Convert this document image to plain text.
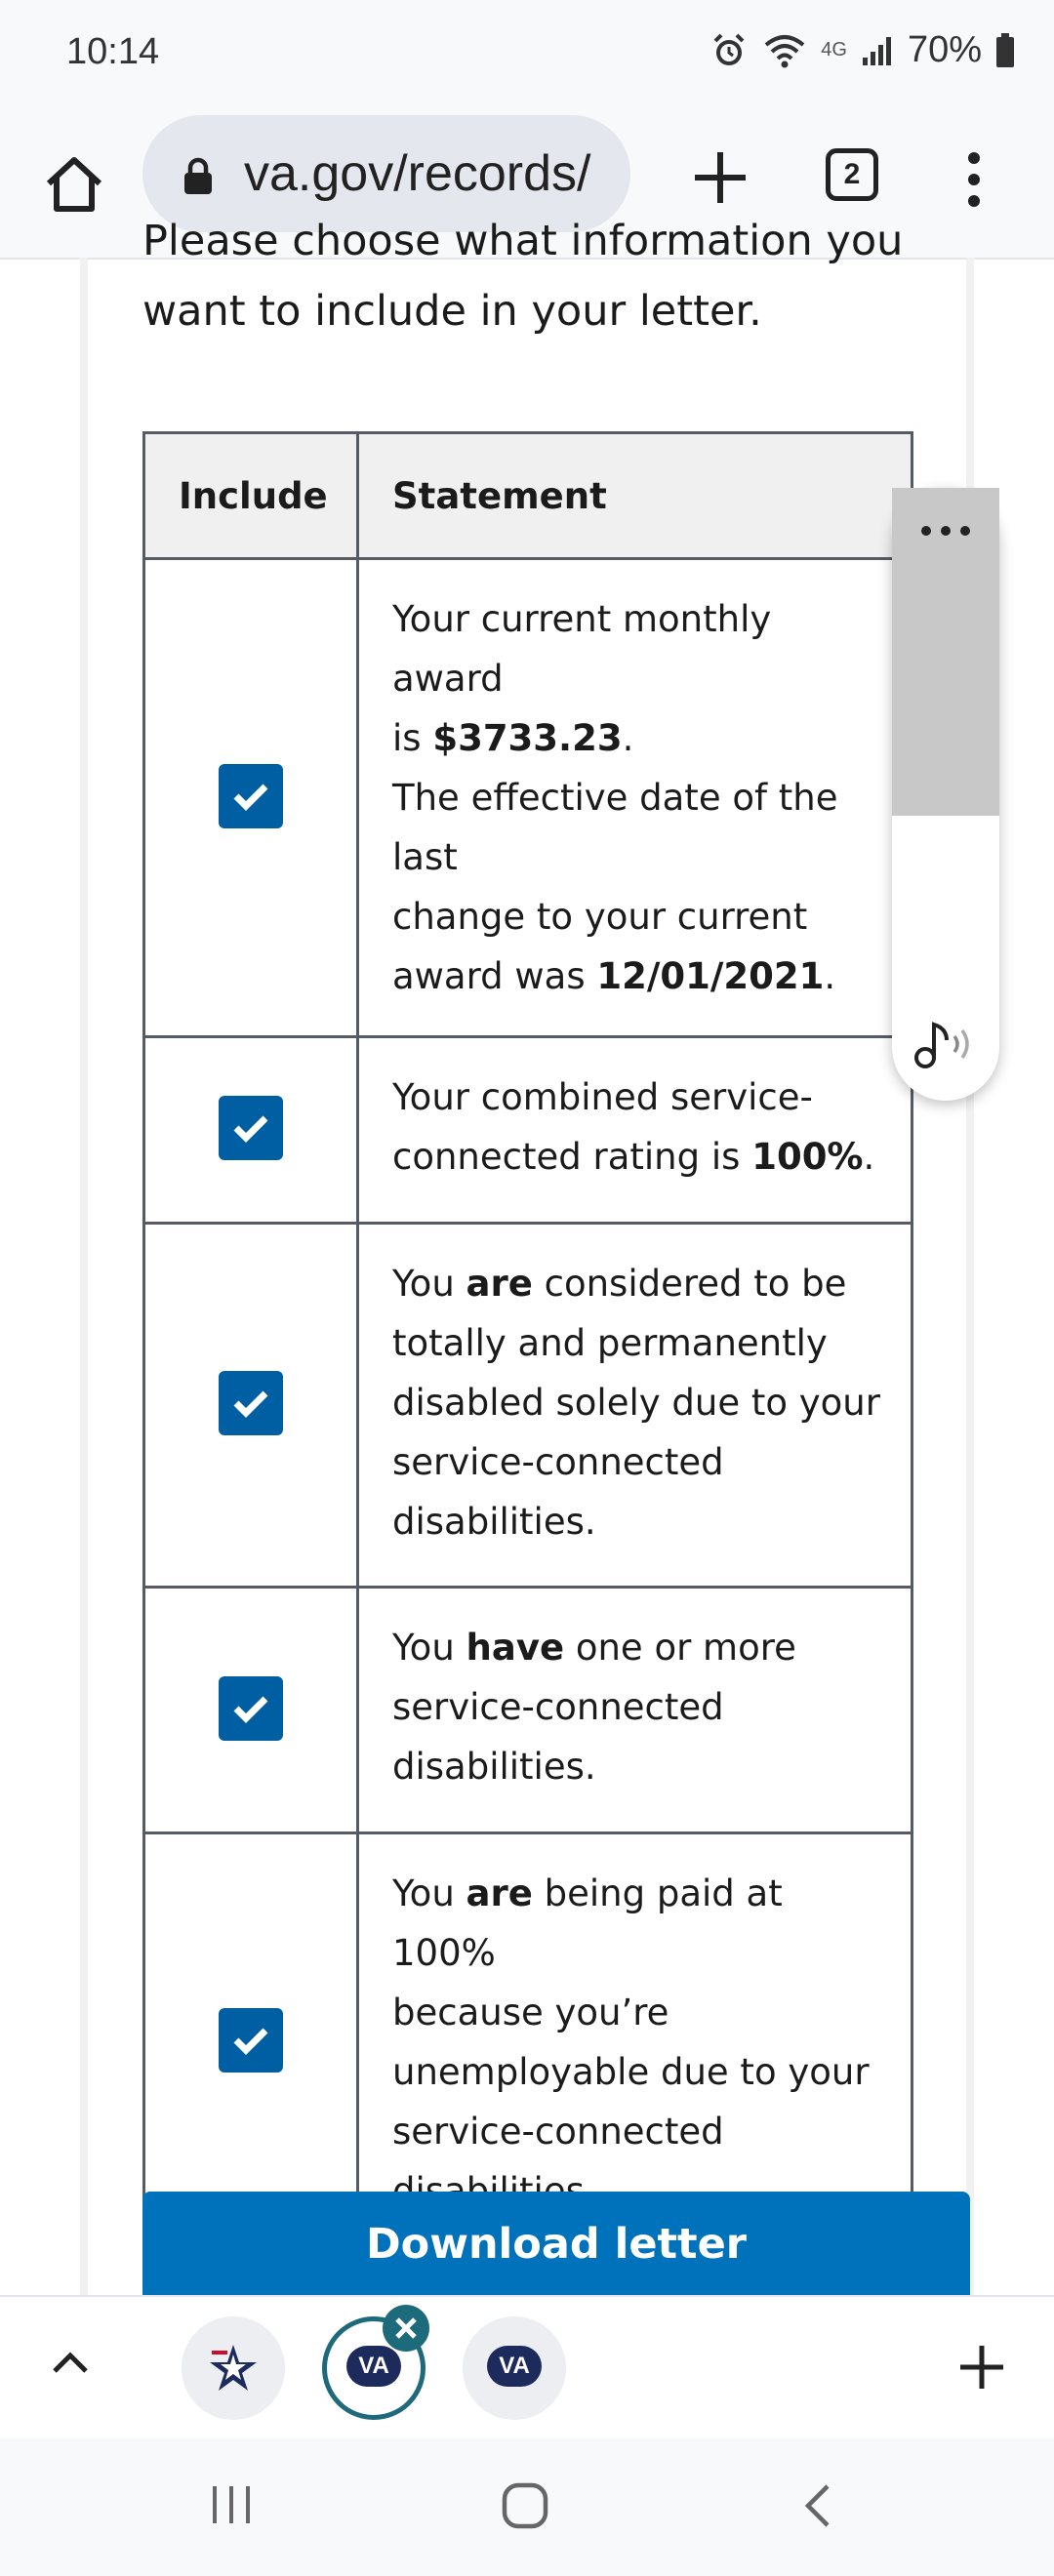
10:14	4G 70%
va.gov/records/	2
Please choose what information you
want to include in your letter.
Include	Statement

	Your current monthly award
is $3733.23.
The effective date of the last
change to your current
award was 12/01/2021.

	Your combined service-
connected rating is 100%.

	You are considered to be
totally and permanently
disabled solely due to your
service-connected
disabilities.

	You have one or more
service-connected
disabilities.

	You are being paid at 100%
because you’re
unemployable due to your
service-connected

Download letter
VA	VA
